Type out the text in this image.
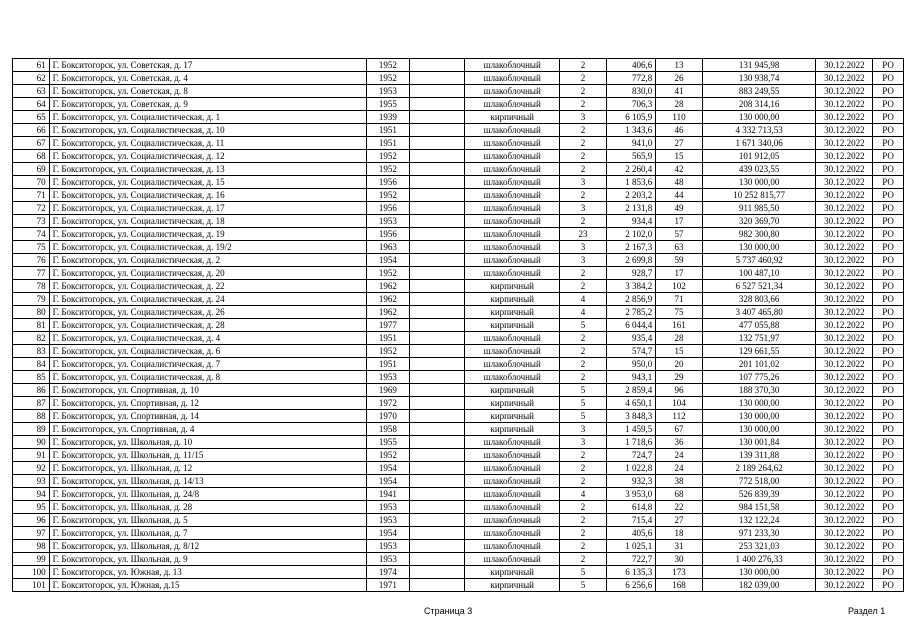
61	Г. Бокситогорск, ул. Советская, д. 17	1952		шлакоблочный	2	406,6	13	131 945,98	30.12.2022	РО
62	Г. Бокситогорск, ул. Советская, д. 4	1952		шлакоблочный	2	772,8	26	130 938,74	30.12.2022	РО
63	Г. Бокситогорск, ул. Советская, д. 8	1953		шлакоблочный	2	830,0	41	883 249,55	30.12.2022	РО
64	Г. Бокситогорск, ул. Советская, д. 9	1955		шлакоблочный	2	706,3	28	208 314,16	30.12.2022	РО
65	Г. Бокситогорск, ул. Социалистическая, д. 1	1939		кирпичный	3	6 105,9	110	130 000,00	30.12.2022	РО
66	Г. Бокситогорск, ул. Социалистическая, д. 10	1951		шлакоблочный	2	1 343,6	46	4 332 713,53	30.12.2022	РО
67	Г. Бокситогорск, ул. Социалистическая, д. 11	1951		шлакоблочный	2	941,0	27	1 671 340,06	30.12.2022	РО
68	Г. Бокситогорск, ул. Социалистическая, д. 12	1952		шлакоблочный	2	565,9	15	101 912,05	30.12.2022	РО
69	Г. Бокситогорск, ул. Социалистическая, д. 13	1952		шлакоблочный	2	2 260,4	42	439 023,55	30.12.2022	РО
70	Г. Бокситогорск, ул. Социалистическая, д. 15	1956		шлакоблочный	3	1 853,6	48	130 000,00	30.12.2022	РО
71	Г. Бокситогорск, ул. Социалистическая, д. 16	1952		шлакоблочный	2	2 203,2	44	10 252 815,77	30.12.2022	РО
72	Г. Бокситогорск, ул. Социалистическая, д. 17	1956		шлакоблочный	3	2 131,8	49	911 985,50	30.12.2022	РО
73	Г. Бокситогорск, ул. Социалистическая, д. 18	1953		шлакоблочный	2	934,4	17	320 369,70	30.12.2022	РО
74	Г. Бокситогорск, ул. Социалистическая, д. 19	1956		шлакоблочный	23	2 102,0	57	982 300,80	30.12.2022	РО
75	Г. Бокситогорск, ул. Социалистическая, д. 19/2	1963		шлакоблочный	3	2 167,3	63	130 000,00	30.12.2022	РО
76	Г. Бокситогорск, ул. Социалистическая, д. 2	1954		шлакоблочный	3	2 699,8	59	5 737 460,92	30.12.2022	РО
77	Г. Бокситогорск, ул. Социалистическая, д. 20	1952		шлакоблочный	2	928,7	17	100 487,10	30.12.2022	РО
78	Г. Бокситогорск, ул. Социалистическая, д. 22	1962		кирпичный	2	3 384,2	102	6 527 521,34	30.12.2022	РО
79	Г. Бокситогорск, ул. Социалистическая, д. 24	1962		кирпичный	4	2 856,9	71	328 803,66	30.12.2022	РО
80	Г. Бокситогорск, ул. Социалистическая, д. 26	1962		кирпичный	4	2 785,2	75	3 407 465,80	30.12.2022	РО
81	Г. Бокситогорск, ул. Социалистическая, д. 28	1977		кирпичный	5	6 044,4	161	477 055,88	30.12.2022	РО
82	Г. Бокситогорск, ул. Социалистическая, д. 4	1951		шлакоблочный	2	935,4	28	132 751,97	30.12.2022	РО
83	Г. Бокситогорск, ул. Социалистическая, д. 6	1952		шлакоблочный	2	574,7	15	129 661,55	30.12.2022	РО
84	Г. Бокситогорск, ул. Социалистическая, д. 7	1951		шлакоблочный	2	950,0	20	201 101,02	30.12.2022	РО
85	Г. Бокситогорск, ул. Социалистическая, д. 8	1953		шлакоблочный	2	943,1	29	107 775,26	30.12.2022	РО
86	Г. Бокситогорск, ул. Спортивная, д. 10	1969		кирпичный	5	2 859,4	96	188 370,30	30.12.2022	РО
87	Г. Бокситогорск, ул. Спортивная, д. 12	1972		кирпичный	5	4 650,1	104	130 000,00	30.12.2022	РО
88	Г. Бокситогорск, ул. Спортивная, д. 14	1970		кирпичный	5	3 848,3	112	130 000,00	30.12.2022	РО
89	Г. Бокситогорск, ул. Спортивная, д. 4	1958		кирпичный	3	1 459,5	67	130 000,00	30.12.2022	РО
90	Г. Бокситогорск, ул. Школьная, д. 10	1955		шлакоблочный	3	1 718,6	36	130 001,84	30.12.2022	РО
91	Г. Бокситогорск, ул. Школьная, д. 11/15	1952		шлакоблочный	2	724,7	24	139 311,88	30.12.2022	РО
92	Г. Бокситогорск, ул. Школьная, д. 12	1954		шлакоблочный	2	1 022,8	24	2 189 264,62	30.12.2022	РО
93	Г. Бокситогорск, ул. Школьная, д. 14/13	1954		шлакоблочный	2	932,3	38	772 518,00	30.12.2022	РО
94	Г. Бокситогорск, ул. Школьная, д. 24/8	1941		шлакоблочный	4	3 953,0	68	526 839,39	30.12.2022	РО
95	Г. Бокситогорск, ул. Школьная, д. 28	1953		шлакоблочный	2	614,8	22	984 151,58	30.12.2022	РО
96	Г. Бокситогорск, ул. Школьная, д. 5	1953		шлакоблочный	2	715,4	27	132 122,24	30.12.2022	РО
97	Г. Бокситогорск, ул. Школьная, д. 7	1954		шлакоблочный	2	405,6	18	971 233,30	30.12.2022	РО
98	Г. Бокситогорск, ул. Школьная, д. 8/12	1953		шлакоблочный	2	1 025,1	31	253 321,03	30.12.2022	РО
99	Г. Бокситогорск, ул. Школьная, д. 9	1953		шлакоблочный	2	722,7	30	1 400 276,33	30.12.2022	РО
100	Г. Бокситогорск, ул. Южная, д. 13	1974		кирпичный	5	6 135,3	173	130 000,00	30.12.2022	РО
101	Г. Бокситогорск, ул. Южная, д.15	1971		кирпичный	5	6 256,6	168	182 039,00	30.12.2022	РО
Страница 3	Раздел 1
